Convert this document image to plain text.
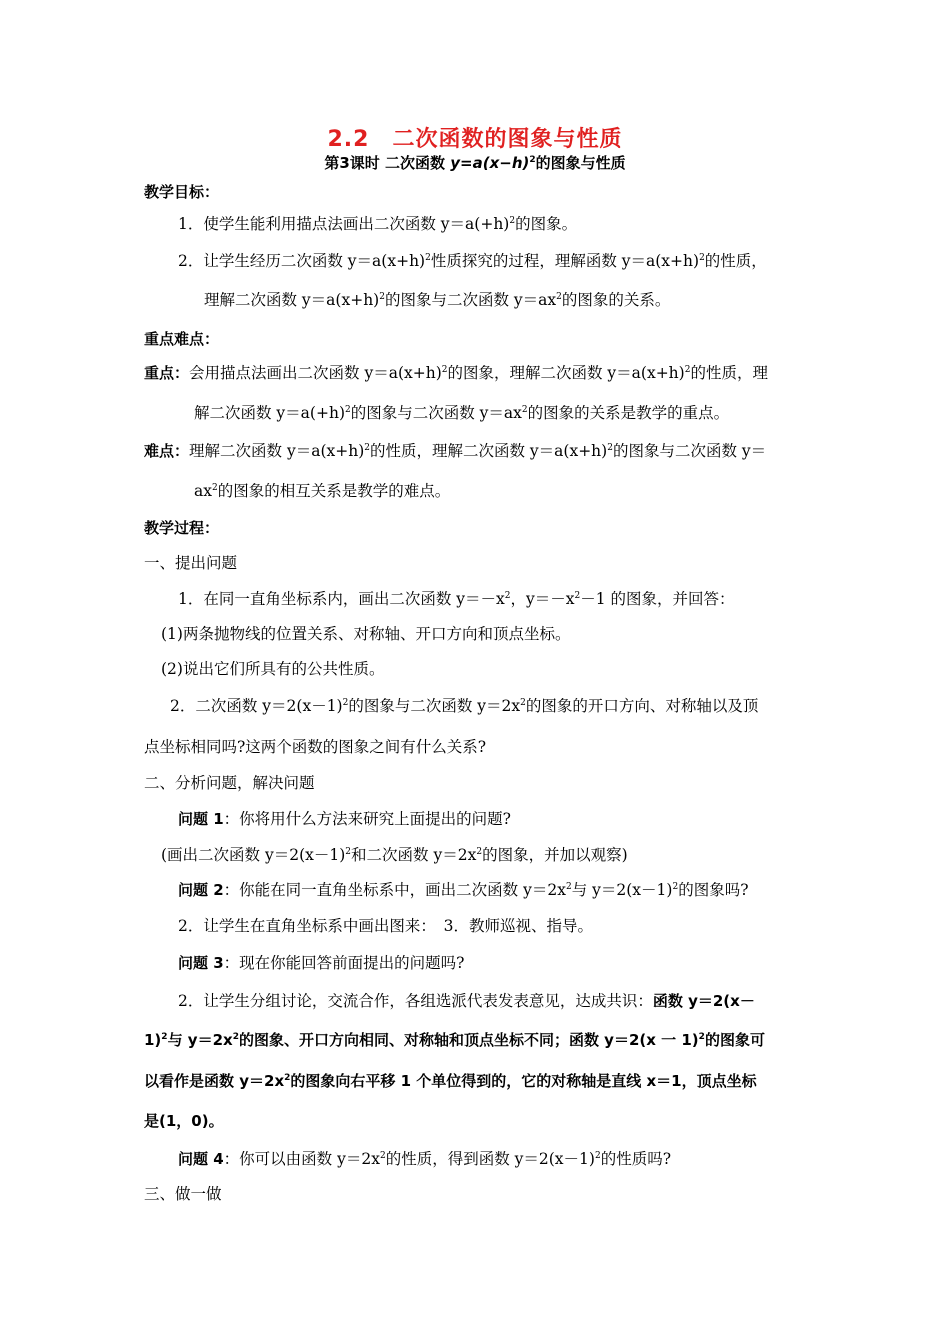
2.2　二次函数的图象与性质
第3课时 二次函数 $y=a(x-h)^2$的图象与性质
教学目标：
1．使学生能利用描点法画出二次函数 $y=a(+h)^2$的图象。
2．让学生经历二次函数 $y=a(x+h)^2$性质探究的过程，理解函数 $y=a(x+h)^2$的性质，
理解二次函数 $y=a(x+h)^2$的图象与二次函数 $y=ax^2$的图象的关系。
重点难点：
重点：会用描点法画出二次函数 $y=a(x+h)^2$的图象，理解二次函数 $y=a(x+h)^2$的性质，理
解二次函数 $y=a(+h)^2$的图象与二次函数 $y=ax^2$的图象的关系是教学的重点。
难点：理解二次函数 $y=a(x+h)^2$的性质，理解二次函数 $y=a(x+h)^2$的图象与二次函数 y＝
$ax^2$的图象的相互关系是教学的难点。
教学过程：
一、提出问题
1．在同一直角坐标系内，画出二次函数 $y=-x^2$，$y=-x^2-1$ 的图象，并回答：
(1)两条抛物线的位置关系、对称轴、开口方向和顶点坐标。
(2)说出它们所具有的公共性质。
2．二次函数 $y=2(x-1)^2$的图象与二次函数 $y=2x^2$的图象的开口方向、对称轴以及顶
点坐标相同吗?这两个函数的图象之间有什么关系?
二、分析问题，解决问题
问题 1：你将用什么方法来研究上面提出的问题?
(画出二次函数 $y=2(x-1)^2$和二次函数 $y=2x^2$的图象，并加以观察)
问题 2：你能在同一直角坐标系中，画出二次函数 $y=2x^2$与 $y=2(x-1)^2$的图象吗?
2．让学生在直角坐标系中画出图来：　3．教师巡视、指导。
问题 3：现在你能回答前面提出的问题吗?
2．让学生分组讨论，交流合作，各组选派代表发表意见，达成共识：函数 y＝2(x－
1)$^2$与 $y=2x^2$的图象、开口方向相同、对称轴和顶点坐标不同；函数 y＝2(x 一 1)$^2$的图象可
以看作是函数 $y=2x^2$的图象向右平移 1 个单位得到的，它的对称轴是直线 x＝1，顶点坐标
是(1，0)。
问题 4：你可以由函数 $y=2x^2$的性质，得到函数 $y=2(x-1)^2$的性质吗?
三、做一做
